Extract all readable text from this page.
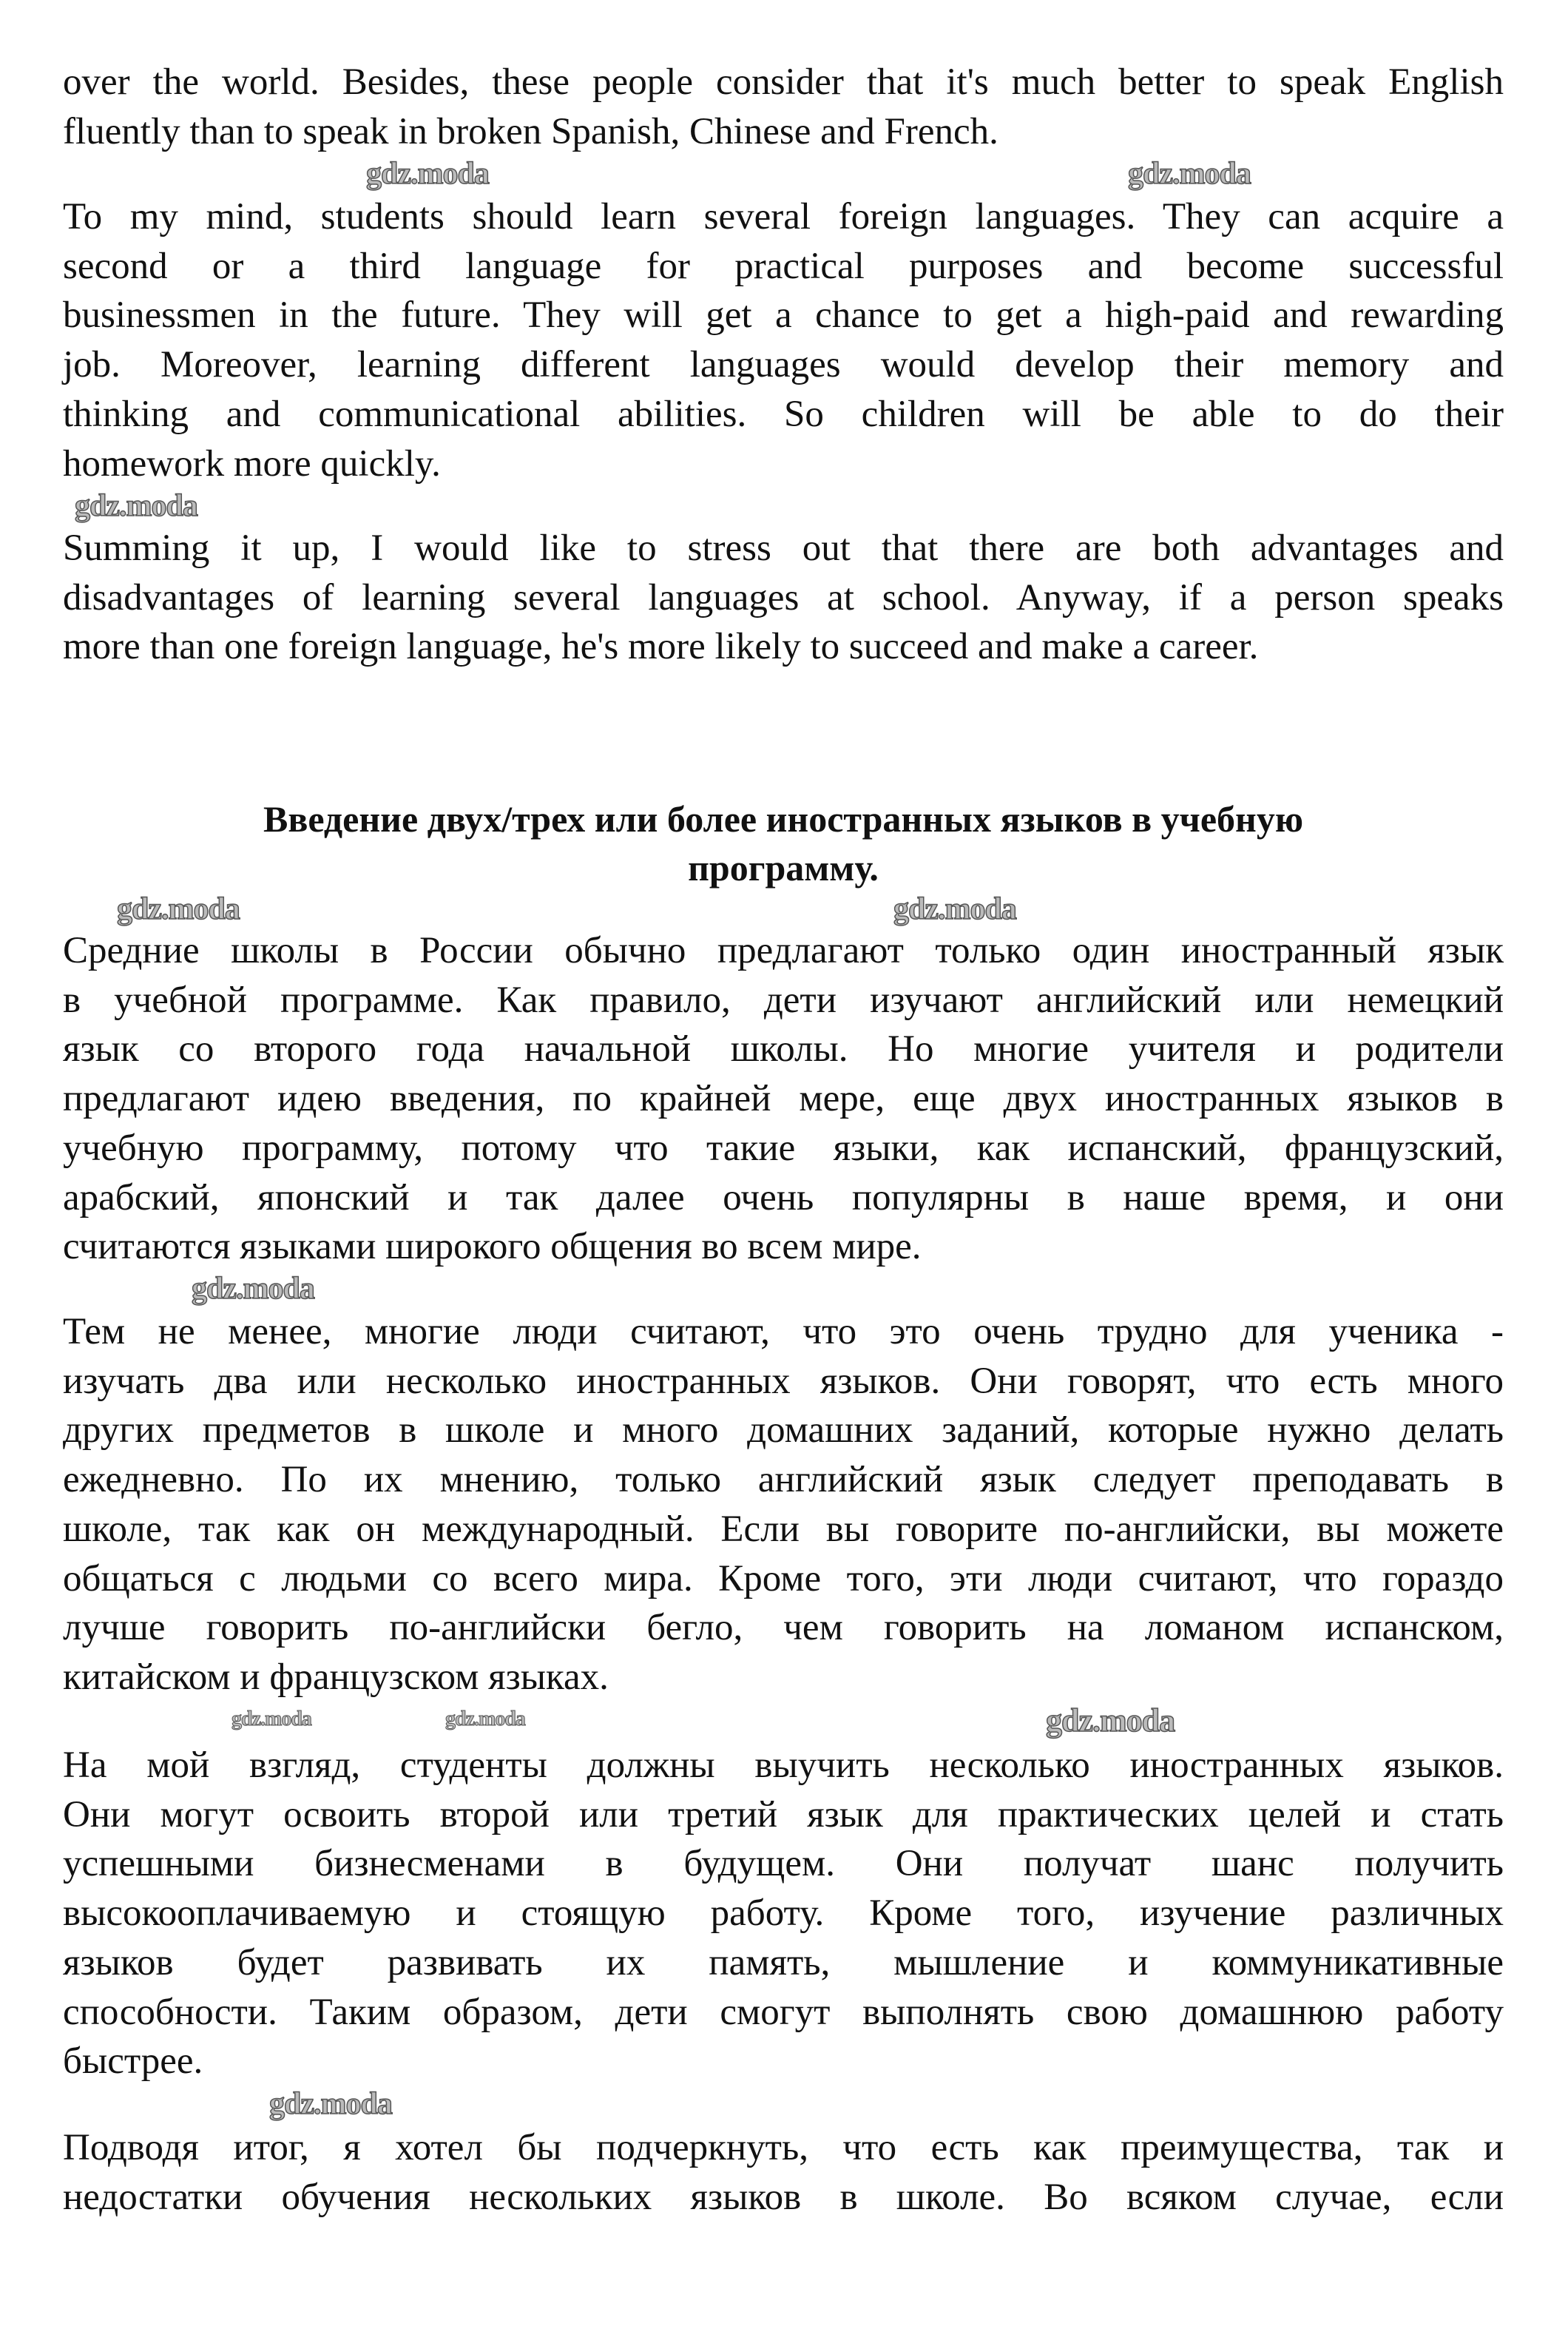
over the world. Besides, these people consider that it's much better to speak English
fluently than to speak in broken Spanish, Chinese and French.
To my mind, students should learn several foreign languages. They can acquire a
second or a third language for practical purposes and become successful
businessmen in the future. They will get a chance to get a high-paid and rewarding
job. Moreover, learning different languages would develop their memory and
thinking and communicational abilities. So children will be able to do their
homework more quickly.
Summing it up, I would like to stress out that there are both advantages and
disadvantages of learning several languages at school. Anyway, if a person speaks
more than one foreign language, he's more likely to succeed and make a career.
Введение двух/трех или более иностранных языков в учебную
программу.
Средние школы в России обычно предлагают только один иностранный язык
в учебной программе. Как правило, дети изучают английский или немецкий
язык со второго года начальной школы. Но многие учителя и родители
предлагают идею введения, по крайней мере, еще двух иностранных языков в
учебную программу, потому что такие языки, как испанский, французский,
арабский, японский и так далее очень популярны в наше время, и они
считаются языками широкого общения во всем мире.
Тем не менее, многие люди считают, что это очень трудно для ученика -
изучать два или несколько иностранных языков. Они говорят, что есть много
других предметов в школе и много домашних заданий, которые нужно делать
ежедневно. По их мнению, только английский язык следует преподавать в
школе, так как он международный. Если вы говорите по-английски, вы можете
общаться с людьми со всего мира. Кроме того, эти люди считают, что гораздо
лучше говорить по-английски бегло, чем говорить на ломаном испанском,
китайском и французском языках.
На мой взгляд, студенты должны выучить несколько иностранных языков.
Они могут освоить второй или третий язык для практических целей и стать
успешными бизнесменами в будущем. Они получат шанс получить
высокооплачиваемую и стоящую работу. Кроме того, изучение различных
языков будет развивать их память, мышление и коммуникативные
способности. Таким образом, дети смогут выполнять свою домашнюю работу
быстрее.
Подводя итог, я хотел бы подчеркнуть, что есть как преимущества, так и
недостатки обучения нескольких языков в школе. Во всяком случае, если
gdz.moda	gdz.moda
gdz.moda
gdz.moda	gdz.moda
gdz.moda
gdz.moda	gdz.moda	gdz.moda
gdz.moda
